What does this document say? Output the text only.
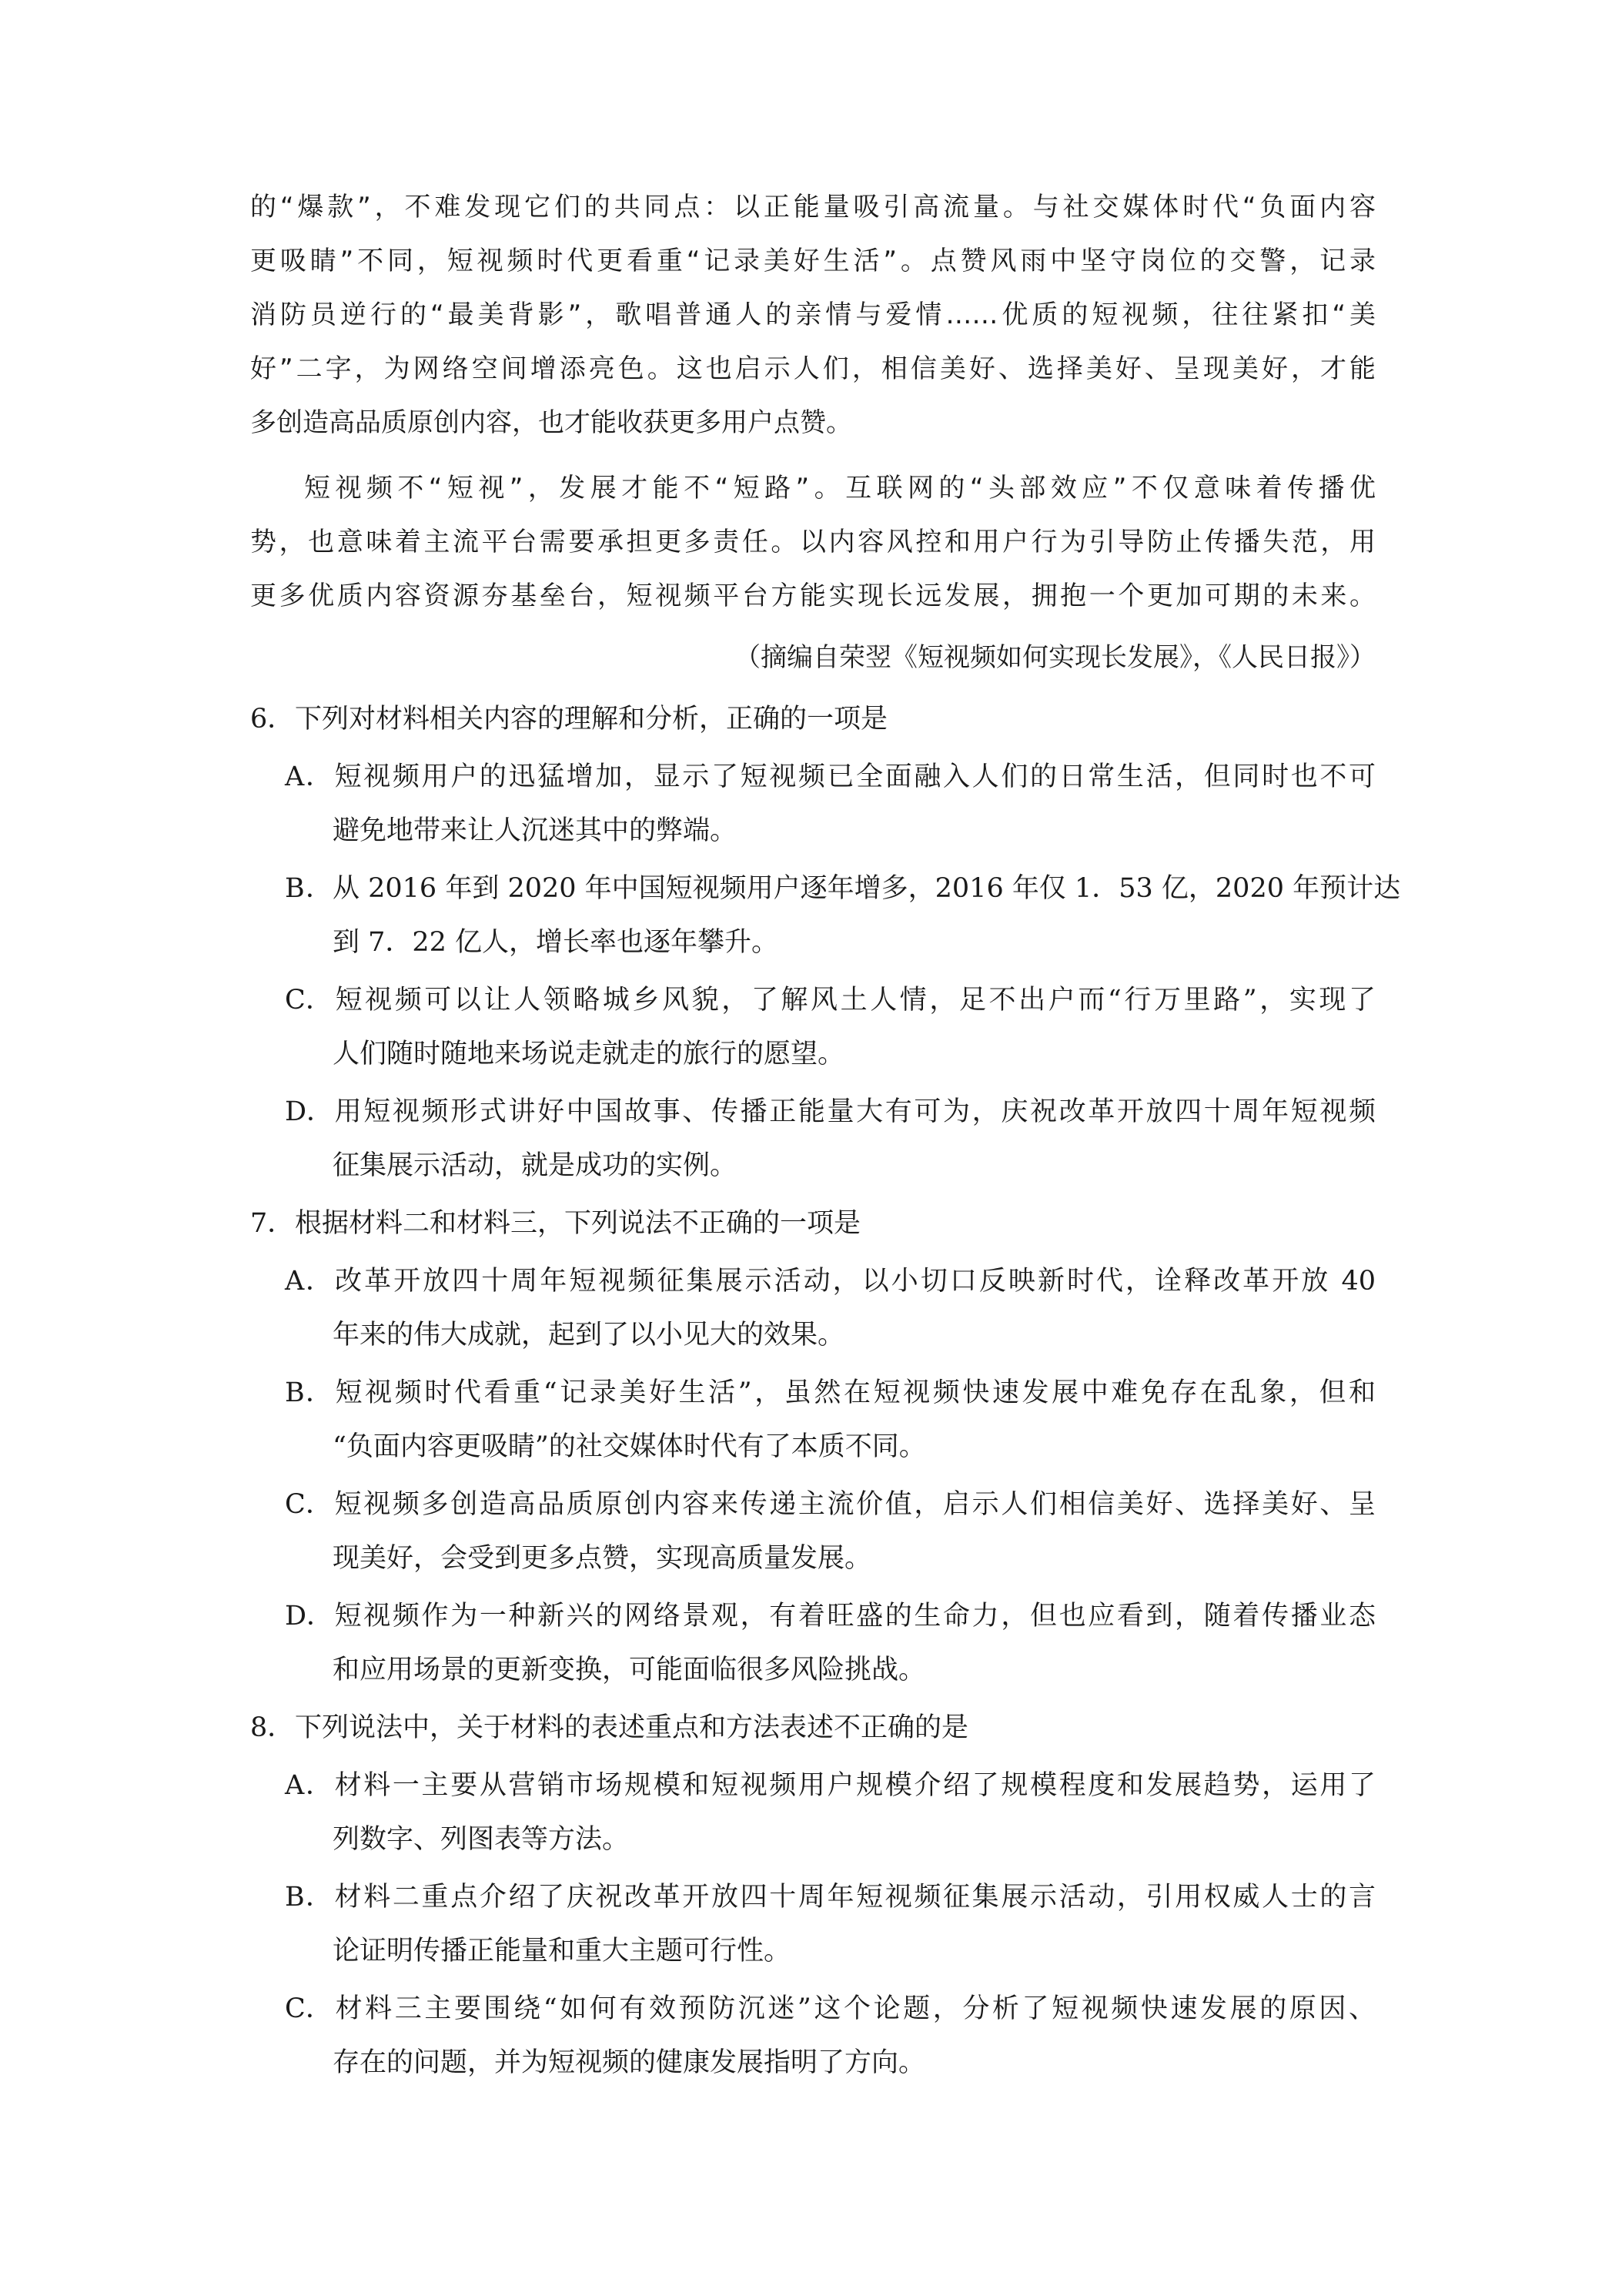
的“爆款”，不难发现它们的共同点：以正能量吸引高流量。与社交媒体时代“负面内容
更吸睛”不同，短视频时代更看重“记录美好生活”。点赞风雨中坚守岗位的交警，记录
消防员逆行的“最美背影”，歌唱普通人的亲情与爱情……优质的短视频，往往紧扣“美
好”二字，为网络空间增添亮色。这也启示人们，相信美好、选择美好、呈现美好，才能
多创造高品质原创内容，也才能收获更多用户点赞。
短视频不“短视”，发展才能不“短路”。互联网的“头部效应”不仅意味着传播优
势，也意味着主流平台需要承担更多责任。以内容风控和用户行为引导防止传播失范，用
更多优质内容资源夯基垒台，短视频平台方能实现长远发展，拥抱一个更加可期的未来。
（摘编自荣翌《短视频如何实现长发展》，《人民日报》）
6．下列对材料相关内容的理解和分析，正确的一项是
A．短视频用户的迅猛增加，显示了短视频已全面融入人们的日常生活，但同时也不可
避免地带来让人沉迷其中的弊端。
B．从 2016 年到 2020 年中国短视频用户逐年增多，2016 年仅 1．53 亿，2020 年预计达
到 7．22 亿人，增长率也逐年攀升。
C．短视频可以让人领略城乡风貌，了解风土人情，足不出户而“行万里路”，实现了
人们随时随地来场说走就走的旅行的愿望。
D．用短视频形式讲好中国故事、传播正能量大有可为，庆祝改革开放四十周年短视频
征集展示活动，就是成功的实例。
7．根据材料二和材料三，下列说法不正确的一项是
A．改革开放四十周年短视频征集展示活动，以小切口反映新时代，诠释改革开放 40
年来的伟大成就，起到了以小见大的效果。
B．短视频时代看重“记录美好生活”，虽然在短视频快速发展中难免存在乱象，但和
“负面内容更吸睛”的社交媒体时代有了本质不同。
C．短视频多创造高品质原创内容来传递主流价值，启示人们相信美好、选择美好、呈
现美好，会受到更多点赞，实现高质量发展。
D．短视频作为一种新兴的网络景观，有着旺盛的生命力，但也应看到，随着传播业态
和应用场景的更新变换，可能面临很多风险挑战。
8．下列说法中，关于材料的表述重点和方法表述不正确的是
A．材料一主要从营销市场规模和短视频用户规模介绍了规模程度和发展趋势，运用了
列数字、列图表等方法。
B．材料二重点介绍了庆祝改革开放四十周年短视频征集展示活动，引用权威人士的言
论证明传播正能量和重大主题可行性。
C．材料三主要围绕“如何有效预防沉迷”这个论题，分析了短视频快速发展的原因、
存在的问题，并为短视频的健康发展指明了方向。
